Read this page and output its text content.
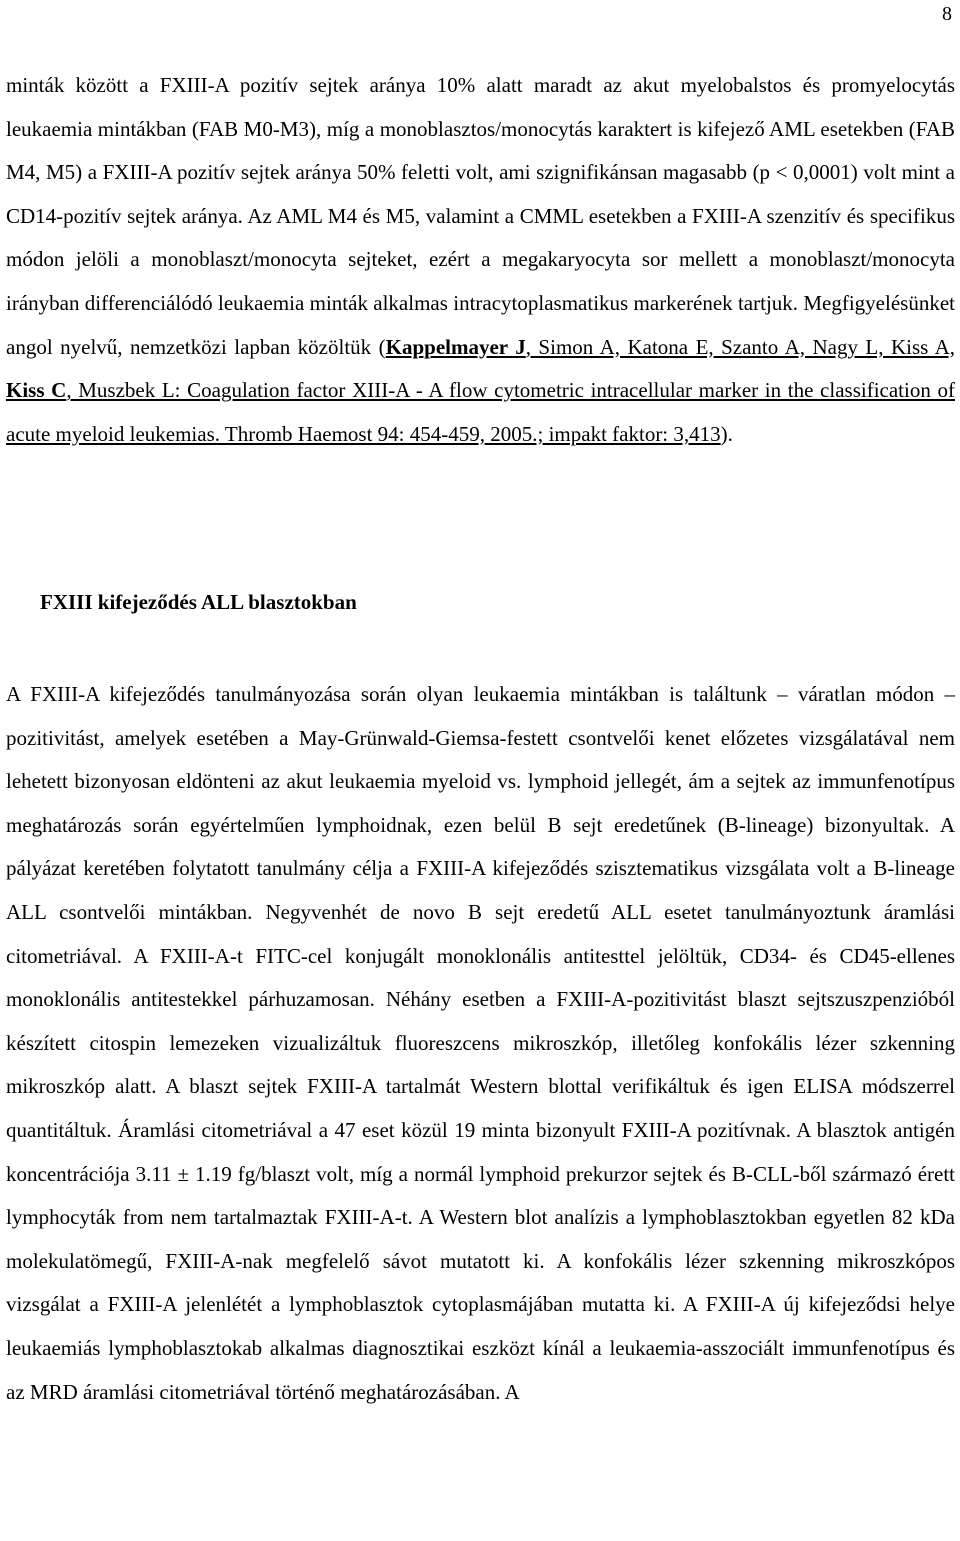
8

minták között a FXIII-A pozitív sejtek aránya 10% alatt maradt az akut myelobalstos és promyelocytás leukaemia mintákban (FAB M0-M3), míg a monoblasztos/monocytás karaktert is kifejező AML esetekben (FAB M4, M5) a FXIII-A pozitív sejtek aránya 50% feletti volt, ami szignifikánsan magasabb (p < 0,0001) volt mint a CD14-pozitív sejtek aránya. Az AML M4 és M5, valamint a CMML esetekben a FXIII-A szenzitív és specifikus módon jelöli a monoblaszt/monocyta sejteket, ezért a megakaryocyta sor mellett a monoblaszt/monocyta irányban differenciálódó leukaemia minták alkalmas intracytoplasmatikus markerének tartjuk. Megfigyelésünket angol nyelvű, nemzetközi lapban közöltük (Kappelmayer J, Simon A, Katona E, Szanto A, Nagy L, Kiss A, Kiss C, Muszbek L: Coagulation factor XIII-A - A flow cytometric intracellular marker in the classification of acute myeloid leukemias. Thromb Haemost 94: 454-459, 2005.; impakt faktor: 3,413).

FXIII kifejeződés ALL blasztokban

A FXIII-A kifejeződés tanulmányozása során olyan leukaemia mintákban is találtunk – váratlan módon – pozitivitást, amelyek esetében a May-Grünwald-Giemsa-festett csontvelői kenet előzetes vizsgálatával nem lehetett bizonyosan eldönteni az akut leukaemia myeloid vs. lymphoid jellegét, ám a sejtek az immunfenotípus meghatározás során egyértelműen lymphoidnak, ezen belül B sejt eredetűnek (B-lineage) bizonyultak. A pályázat keretében folytatott tanulmány célja a FXIII-A kifejeződés szisztematikus vizsgálata volt a B-lineage ALL csontvelői mintákban. Negyvenhét de novo B sejt eredetű ALL esetet tanulmányoztunk áramlási citometriával. A FXIII-A-t FITC-cel konjugált monoklonális antitesttel jelöltük, CD34- és CD45-ellenes monoklonális antitestekkel párhuzamosan. Néhány esetben a FXIII-A-pozitivitást blaszt sejtszuszpenzióból készített citospin lemezeken vizualizáltuk fluoreszcens mikroszkóp, illetőleg konfokális lézer szkenning mikroszkóp alatt. A blaszt sejtek FXIII-A tartalmát Western blottal verifikáltuk és igen ELISA módszerrel quantitáltuk. Áramlási citometriával a 47 eset közül 19 minta bizonyult FXIII-A pozitívnak. A blasztok antigén koncentrációja 3.11 ± 1.19 fg/blaszt volt, míg a normál lymphoid prekurzor sejtek és B-CLL-ből származó érett lymphocyták from nem tartalmaztak FXIII-A-t. A Western blot analízis a lymphoblasztokban egyetlen 82 kDa molekulatömegű, FXIII-A-nak megfelelő sávot mutatott ki. A konfokális lézer szkenning mikroszkópos vizsgálat a FXIII-A jelenlétét a lymphoblasztok cytoplasmájában mutatta ki. A FXIII-A új kifejeződsi helye leukaemiás lymphoblasztokab alkalmas diagnosztikai eszközt kínál a leukaemia-asszociált immunfenotípus és az MRD áramlási citometriával történő meghatározásában. A
